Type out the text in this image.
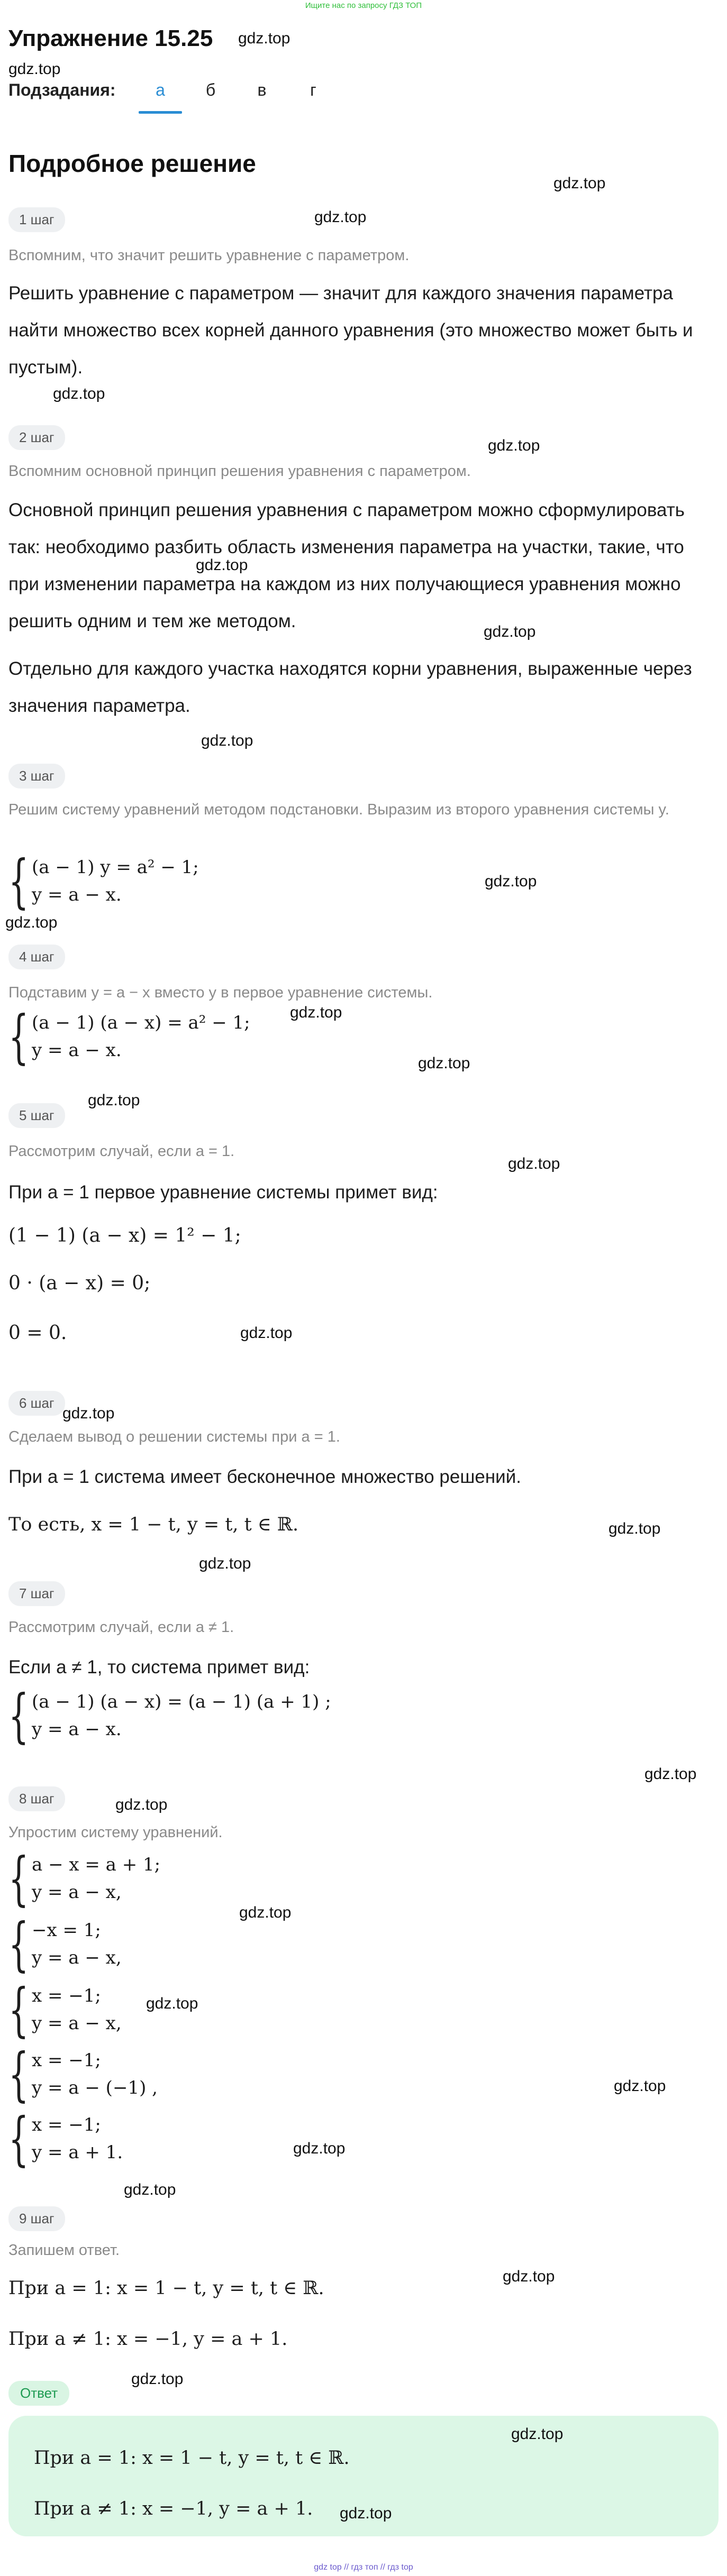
Ищите нас по запросу ГДЗ ТОП
Упражнение 15.25 gdz.top
gdz.top
Подзадания:	а	б	в	г
Подробное решение
gdz.top
1 шаг	gdz.top
Вспомним, что значит решить уравнение с параметром.
Решить уравнение с параметром — значит для каждого значения параметра найти множество всех корней данного уравнения (это множество может быть и пустым).
gdz.top
2 шаг	gdz.top
Вспомним основной принцип решения уравнения с параметром.
Основной принцип решения уравнения с параметром можно сформулировать так: необходимо разбить область изменения параметра на участки, такие, что при изменении параметра на каждом из них получающиеся уравнения можно решить одним и тем же методом.
gdz.top
gdz.top
Отдельно для каждого участка находятся корни уравнения, выраженные через значения параметра.
gdz.top
3 шаг
Решим систему уравнений методом подстановки. Выразим из второго уравнения системы y.
{ (a − 1) y = a² − 1;
y = a − x.
gdz.top
gdz.top
4 шаг
Подставим y = a − x вместо y в первое уравнение системы.
gdz.top
{ (a − 1) (a − x) = a² − 1;
y = a − x.
gdz.top
gdz.top
5 шаг
Рассмотрим случай, если a = 1.
gdz.top
При a = 1 первое уравнение системы примет вид:
(1 − 1) (a − x) = 1² − 1;
0 · (a − x) = 0;
0 = 0.	gdz.top
6 шаг
gdz.top
Сделаем вывод о решении системы при a = 1.
При a = 1 система имеет бесконечное множество решений.
То есть, x = 1 − t, y = t, t ∈ ℝ.	gdz.top
gdz.top
7 шаг
Рассмотрим случай, если a ≠ 1.
Если a ≠ 1, то система примет вид:
{ (a − 1) (a − x) = (a − 1) (a + 1) ;
y = a − x.
gdz.top
8 шаг	gdz.top
Упростим систему уравнений.
{ a − x = a + 1;
y = a − x,
gdz.top
{ −x = 1;
y = a − x,
{ x = −1;
y = a − x,
gdz.top
{ x = −1;
y = a − (−1) ,	gdz.top
{ x = −1;
y = a + 1.	gdz.top
gdz.top
9 шаг
Запишем ответ.
gdz.top
При a = 1: x = 1 − t, y = t, t ∈ ℝ.
При a ≠ 1: x = −1, y = a + 1.
gdz.top
Ответ
gdz.top
При a = 1: x = 1 − t, y = t, t ∈ ℝ.
При a ≠ 1: x = −1, y = a + 1. gdz.top
gdz top // гдз топ // гдз top
